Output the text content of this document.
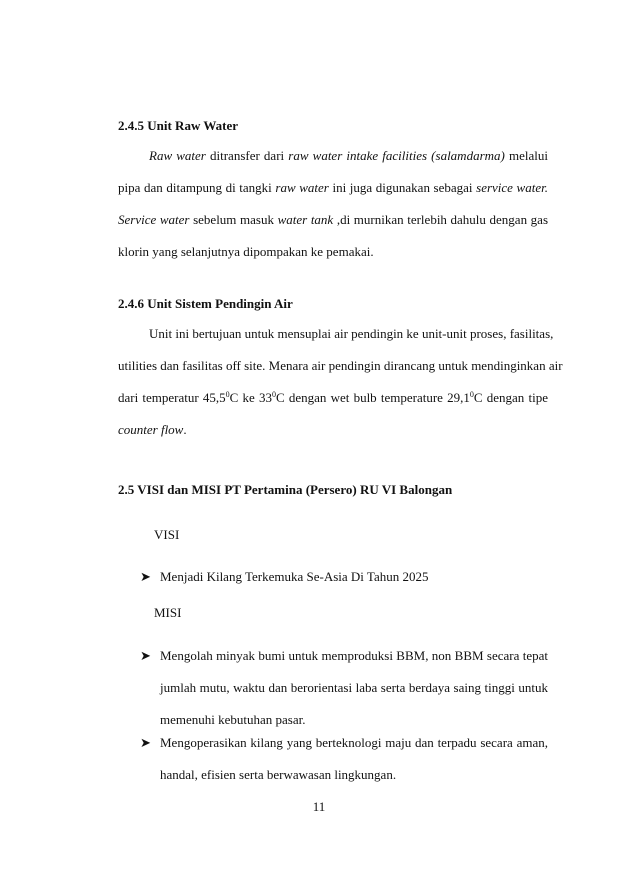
2.4.5 Unit Raw Water
Raw water ditransfer dari raw water intake facilities (salamdarma) melalui
pipa dan ditampung di tangki raw water ini juga digunakan sebagai service water.
Service water sebelum masuk water tank ,di murnikan terlebih dahulu dengan gas
klorin yang selanjutnya dipompakan ke pemakai.
2.4.6 Unit Sistem Pendingin Air
Unit ini bertujuan untuk mensuplai air pendingin ke unit-unit proses, fasilitas,
utilities dan fasilitas off site. Menara air pendingin dirancang untuk mendinginkan air
dari temperatur 45,5$^0$C ke $33^0C$ dengan wet bulb temperature 29,1$^0$C dengan tipe
counter flow.
2.5 VISI dan MISI PT Pertamina (Persero) RU VI Balongan
VISI
➤ Menjadi Kilang Terkemuka Se-Asia Di Tahun 2025
MISI
➤ Mengolah minyak bumi untuk memproduksi BBM, non BBM secara tepat
jumlah mutu, waktu dan berorientasi laba serta berdaya saing tinggi untuk
memenuhi kebutuhan pasar.
➤ Mengoperasikan kilang yang berteknologi maju dan terpadu secara aman,
handal, efisien serta berwawasan lingkungan.
11
